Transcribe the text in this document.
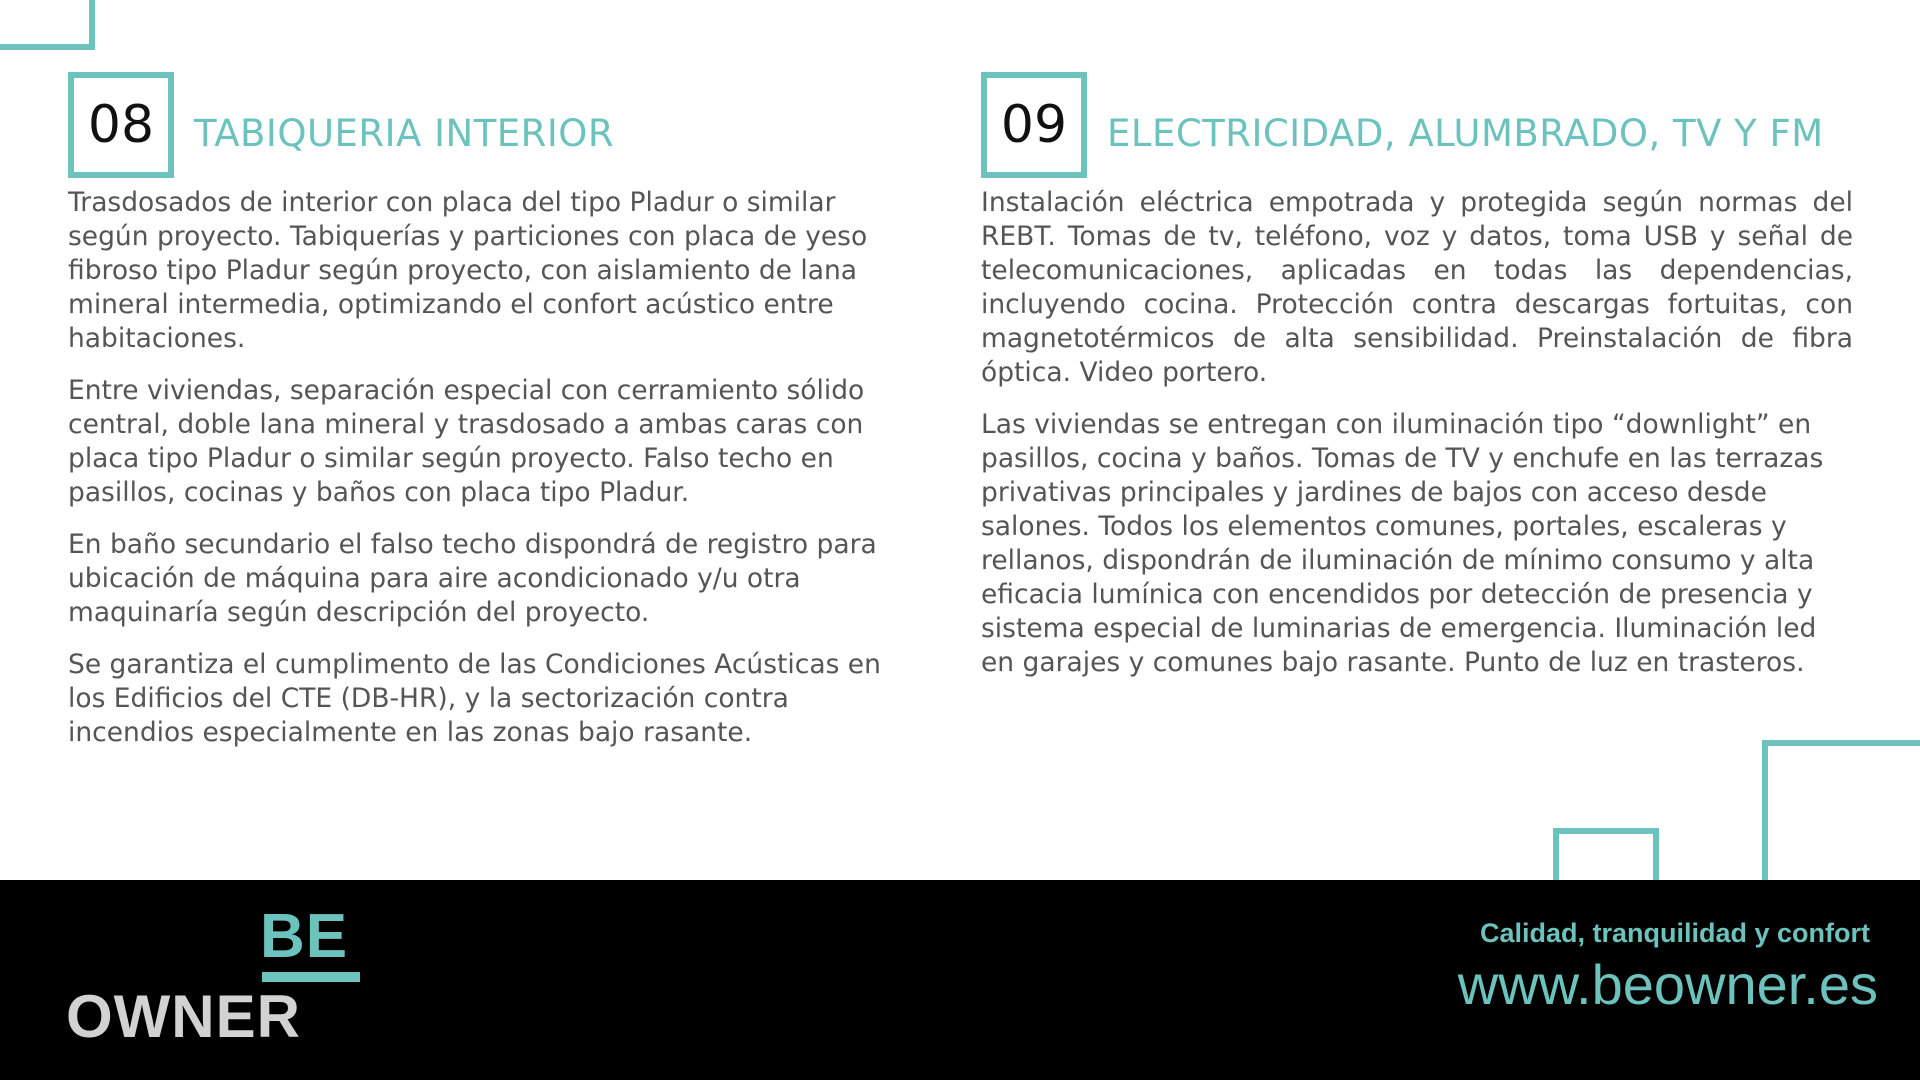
08	TABIQUERIA INTERIOR

Trasdosados de interior con placa del tipo Pladur o similar según proyecto. Tabiquerías y particiones con placa de yeso fibroso tipo Pladur según proyecto, con aislamiento de lana mineral intermedia, optimizando el confort acústico entre habitaciones.

Entre viviendas, separación especial con cerramiento sólido central, doble lana mineral y trasdosado a ambas caras con placa tipo Pladur o similar según proyecto. Falso techo en pasillos, cocinas y baños con placa tipo Pladur.

En baño secundario el falso techo dispondrá de registro para ubicación de máquina para aire acondicionado y/u otra maquinaría según descripción del proyecto.

Se garantiza el cumplimento de las Condiciones Acústicas en los Edificios del CTE (DB-HR), y la sectorización contra incendios especialmente en las zonas bajo rasante.

09	ELECTRICIDAD, ALUMBRADO, TV Y FM

Instalación eléctrica empotrada y protegida según normas del REBT. Tomas de tv, teléfono, voz y datos, toma USB y señal de telecomunicaciones, aplicadas en todas las dependencias, incluyendo cocina. Protección contra descargas fortuitas, con magnetotérmicos de alta sensibilidad. Preinstalación de fibra óptica. Video portero.

Las viviendas se entregan con iluminación tipo “downlight” en pasillos, cocina y baños. Tomas de TV y enchufe en las terrazas privativas principales y jardines de bajos con acceso desde salones. Todos los elementos comunes, portales, escaleras y rellanos, dispondrán de iluminación de mínimo consumo y alta eficacia lumínica con encendidos por detección de presencia y sistema especial de luminarias de emergencia. Iluminación led en garajes y comunes bajo rasante. Punto de luz en trasteros.

BE
OWNER
Calidad, tranquilidad y confort
www.beowner.es
